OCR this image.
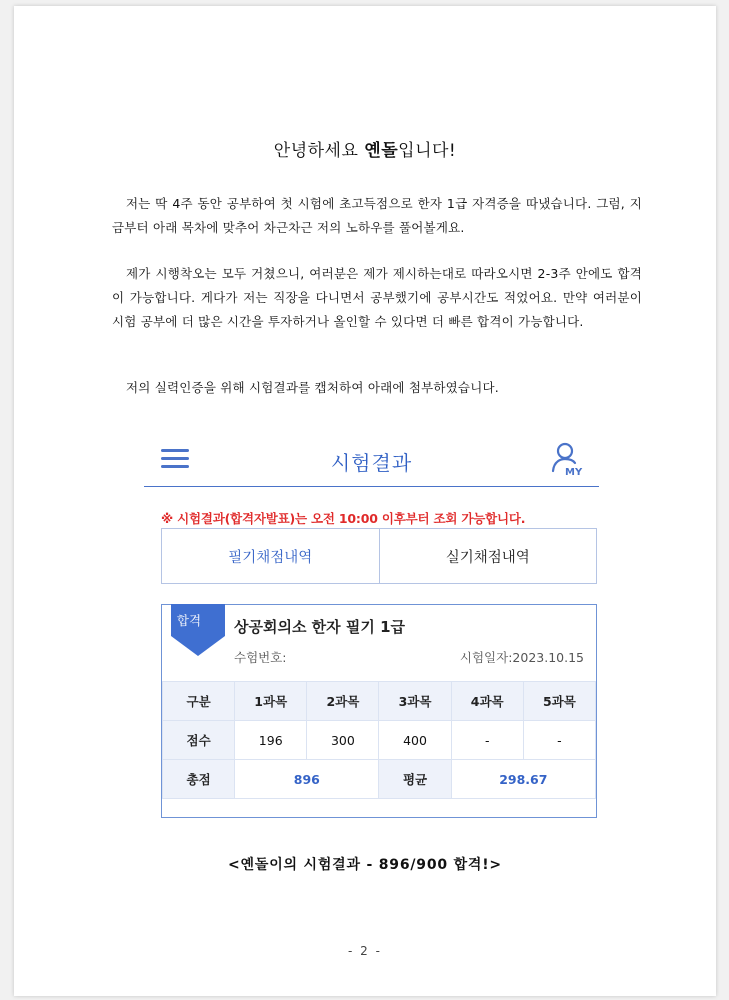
안녕하세요 옌돌입니다!

저는 딱 4주 동안 공부하여 첫 시험에 초고득점으로 한자 1급 자격증을 따냈습니다. 그럼, 지금부터 아래 목차에 맞추어 차근차근 저의 노하우를 풀어볼게요.

제가 시행착오는 모두 거쳤으니, 여러분은 제가 제시하는대로 따라오시면 2-3주 안에도 합격이 가능합니다. 게다가 저는 직장을 다니면서 공부했기에 공부시간도 적었어요. 만약 여러분이 시험 공부에 더 많은 시간을 투자하거나 올인할 수 있다면 더 빠른 합격이 가능합니다.

저의 실력인증을 위해 시험결과를 캡처하여 아래에 첨부하였습니다.

시험결과	MY
※ 시험결과(합격자발표)는 오전 10:00 이후부터 조회 가능합니다.
필기채점내역	실기채점내역
합격	상공회의소 한자 필기 1급
수험번호:	시험일자:2023.10.15
구분	1과목	2과목	3과목	4과목	5과목
점수	196	300	400	-	-
총점	896		평균	298.67	
<옌돌이의 시험결과 - 896/900 합격!>
- 2 -
